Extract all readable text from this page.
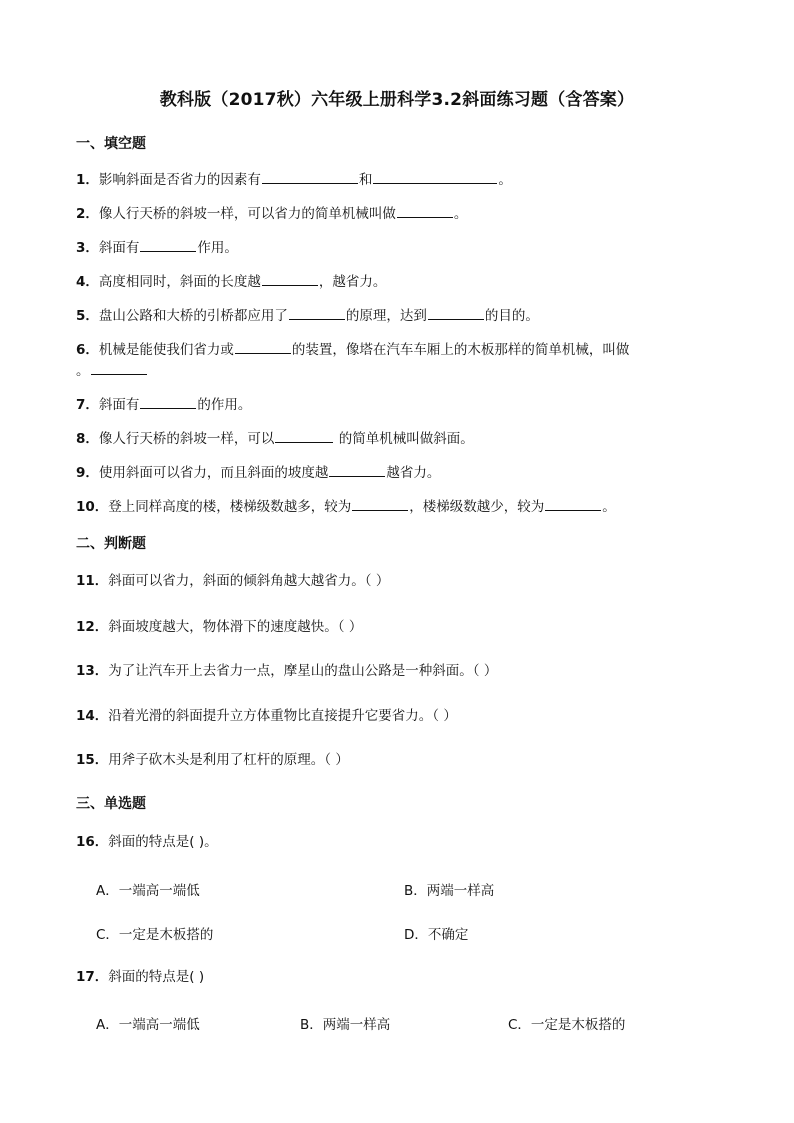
教科版（2017秋）六年级上册科学3.2斜面练习题（含答案）
一、填空题
1．影响斜面是否省力的因素有	和	。
2．像人行天桥的斜坡一样，可以省力的简单机械叫做	。
3．斜面有	作用。
4．高度相同时，斜面的长度越	，越省力。
5．盘山公路和大桥的引桥都应用了	的原理，达到	的目的。
6．机械是能使我们省力或	的装置，像塔在汽车车厢上的木板那样的简单机械，叫做
。
7．斜面有	的作用。
8．像人行天桥的斜坡一样，可以	的简单机械叫做斜面。
9．使用斜面可以省力，而且斜面的坡度越	越省力。
10．登上同样高度的楼，楼梯级数越多，较为	，楼梯级数越少，较为	。
二、判断题
11．斜面可以省力，斜面的倾斜角越大越省力。（ ）
12．斜面坡度越大，物体滑下的速度越快。（ ）
13．为了让汽车开上去省力一点，摩星山的盘山公路是一种斜面。（ ）
14．沿着光滑的斜面提升立方体重物比直接提升它要省力。（ ）
15．用斧子砍木头是利用了杠杆的原理。（ ）
三、单选题
16．斜面的特点是( )。
A．一端高一端低	B．两端一样高
C．一定是木板搭的	D．不确定
17．斜面的特点是( )
A．一端高一端低	B．两端一样高	C．一定是木板搭的
